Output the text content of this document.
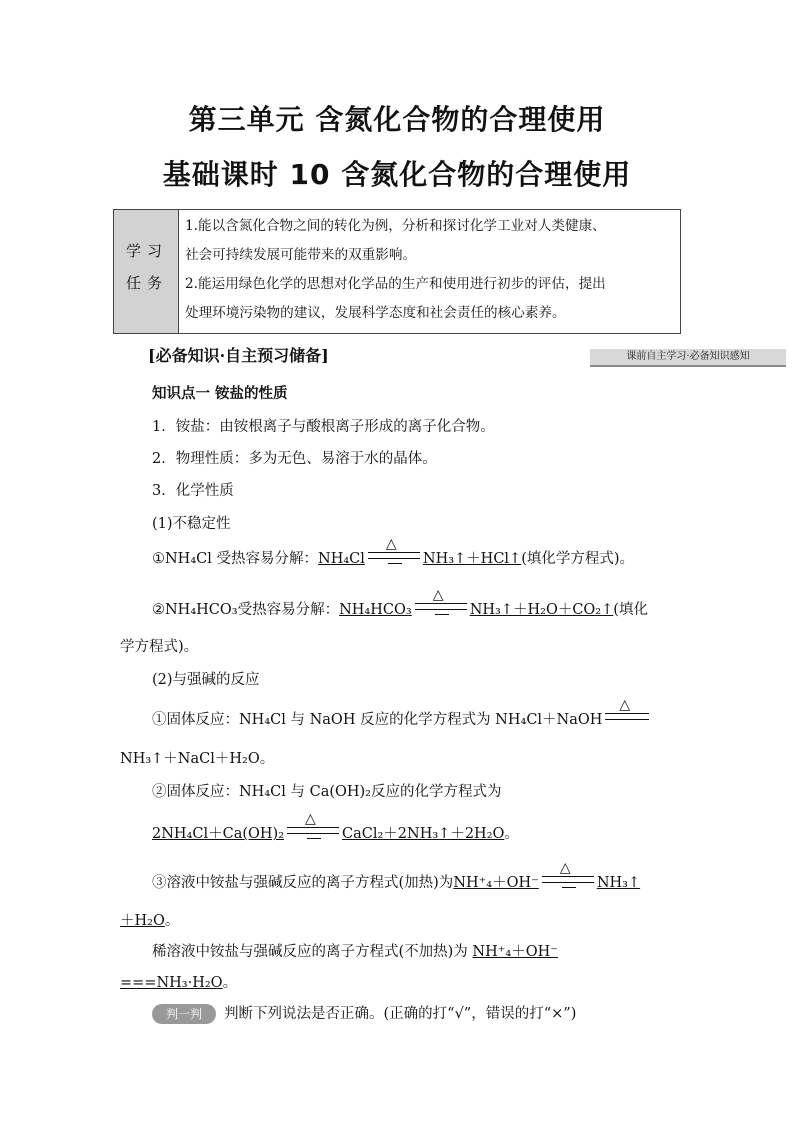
第三单元 含氮化合物的合理使用
基础课时 10 含氮化合物的合理使用
学习
任务
1.能以含氮化合物之间的转化为例，分析和探讨化学工业对人类健康、
社会可持续发展可能带来的双重影响。
2.能运用绿色化学的思想对化学品的生产和使用进行初步的评估，提出
处理环境污染物的建议，发展科学态度和社会责任的核心素养。
[必备知识·自主预习储备]	课前自主学习·必备知识感知
知识点一 铵盐的性质
1．铵盐：由铵根离子与酸根离子形成的离子化合物。
2．物理性质：多为无色、易溶于水的晶体。
3．化学性质
(1)不稳定性
①NH₄Cl 受热容易分解：NH₄Cl
△
NH₃↑＋HCl↑(填化学方程式)。
②NH₄HCO₃受热容易分解：NH₄HCO₃
△
NH₃↑＋H₂O＋CO₂↑(填化
学方程式)。
(2)与强碱的反应
①固体反应：NH₄Cl 与 NaOH 反应的化学方程式为 NH₄Cl＋NaOH
△
NH₃↑＋NaCl＋H₂O。
②固体反应：NH₄Cl 与 Ca(OH)₂反应的化学方程式为
2NH₄Cl＋Ca(OH)₂
△
CaCl₂＋2NH₃↑＋2H₂O。
③溶液中铵盐与强碱反应的离子方程式(加热)为NH⁺₄＋OH⁻
△
NH₃↑
＋H₂O。
稀溶液中铵盐与强碱反应的离子方程式(不加热)为 NH⁺₄＋OH⁻
===NH₃·H₂O。
判一判 判断下列说法是否正确。(正确的打“√”，错误的打“×”)
